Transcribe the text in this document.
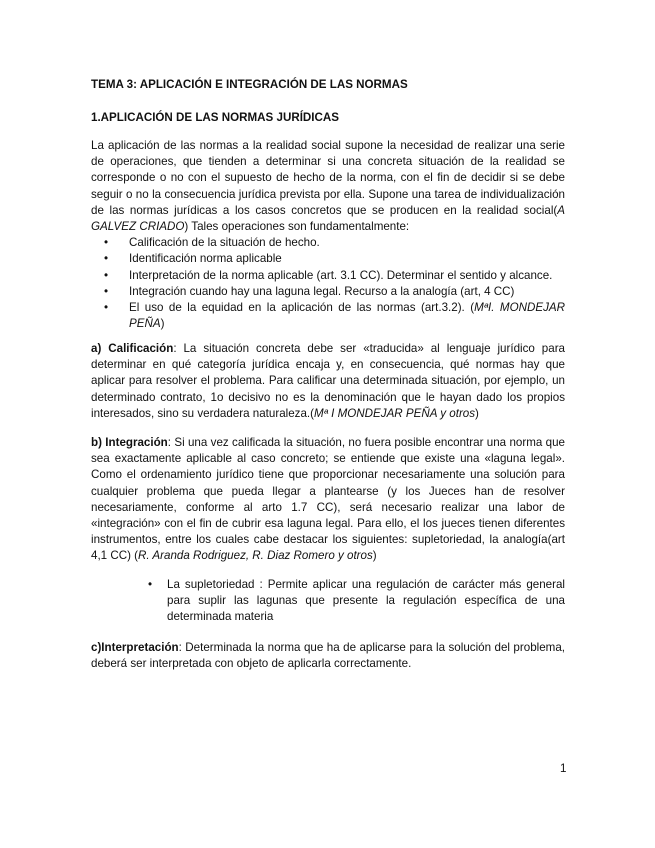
TEMA 3: APLICACIÓN E INTEGRACIÓN DE LAS NORMAS

1.APLICACIÓN DE LAS NORMAS JURÍDICAS

La aplicación de las normas a la realidad social supone la necesidad de realizar una serie de operaciones, que tienden a determinar si una concreta situación de la realidad se corresponde o no con el supuesto de hecho de la norma, con el fin de decidir si se debe seguir o no la consecuencia jurídica prevista por ella. Supone una tarea de individualización de las normas jurídicas a los casos concretos que se producen en la realidad social(A GALVEZ CRIADO) Tales operaciones son fundamentalmente:

• Calificación de la situación de hecho.
• Identificación norma aplicable
• Interpretación de la norma aplicable (art. 3.1 CC). Determinar el sentido y alcance.
• Integración cuando hay una laguna legal. Recurso a la analogía (art, 4 CC)
• El uso de la equidad en la aplicación de las normas (art.3.2). (MªI. MONDEJAR PEÑA)

a) Calificación: La situación concreta debe ser «traducida» al lenguaje jurídico para determinar en qué categoría jurídica encaja y, en consecuencia, qué normas hay que aplicar para resolver el problema. Para calificar una determinada situación, por ejemplo, un determinado contrato, 1o decisivo no es la denominación que le hayan dado los propios interesados, sino su verdadera naturaleza.(Mª I MONDEJAR PEÑA y otros)

b) Integración: Si una vez calificada la situación, no fuera posible encontrar una norma que sea exactamente aplicable al caso concreto; se entiende que existe una «laguna legal». Como el ordenamiento jurídico tiene que proporcionar necesariamente una solución para cualquier problema que pueda llegar a plantearse (y los Jueces han de resolver necesariamente, conforme al arto 1.7 CC), será necesario realizar una labor de «integración» con el fin de cubrir esa laguna legal. Para ello, el los jueces tienen diferentes instrumentos, entre los cuales cabe destacar los siguientes: supletoriedad, la analogía(art 4,1 CC) (R. Aranda Rodriguez, R. Diaz Romero y otros)

• La supletoriedad : Permite aplicar una regulación de carácter más general para suplir las lagunas que presente la regulación específica de una determinada materia

c)Interpretación: Determinada la norma que ha de aplicarse para la solución del problema, deberá ser interpretada con objeto de aplicarla correctamente.

1
